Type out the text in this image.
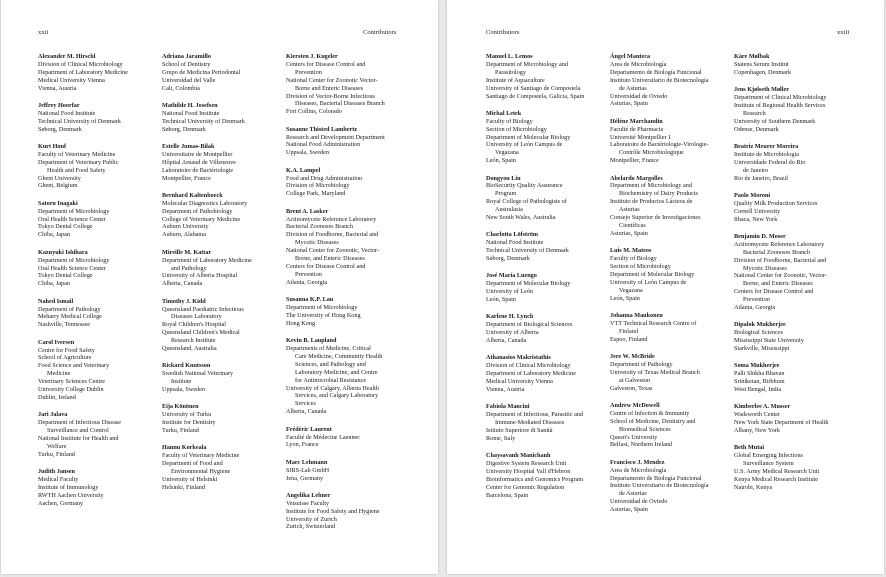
xxii	Contributors
Alexander M. Hirschl
Division of Clinical Microbiology
Department of Laboratory Medicine
Medical University Vienna
Vienna, Austria
Jeffrey Hoorfar
National Food Institute
Technical University of Denmark
Søborg, Denmark
Kurt Houf
Faculty of Veterinary Medicine
Department of Veterinary Public
Health and Food Safety
Ghent University
Ghent, Belgium
Satoru Inagaki
Department of Microbiology
Oral Health Science Center
Tokyo Dental College
Chiba, Japan
Kazuyuki Ishihara
Department of Microbiology
Oral Health Science Center
Tokyo Dental College
Chiba, Japan
Nahed Ismail
Department of Pathology
Meharry Medical College
Nashville, Tennessee
Carol Iversen
Centre for Food Safety
School of Agriculture
Food Science and Veterinary
Medicine
Veterinary Sciences Centre
University College Dublin
Dublin, Ireland
Jari Jalava
Department of Infectious Disease
Surveillance and Control
National Institute for Health and
Welfare
Turku, Finland
Judith Jansen
Medical Faculty
Institute of Immunology
RWTH Aachen University
Aachen, Germany
Adriana Jaramillo
School of Dentistry
Grupo de Medicina Periodontal
Universidad del Valle
Cali, Colombia
Mathilde H. Josefsen
National Food Institute
Technical University of Denmark
Søborg, Denmark
Estelle Jumas-Bilak
Universitaire de Montpellier
Hôpital Arnaud de Villeneuve
Laboratoire de Bactériologie
Montpellier, France
Bernhard Kaltenboeck
Molecular Diagnostics Laboratory
Department of Pathobiology
College of Veterinary Medicine
Auburn University
Auburn, Alabama
Mireille M. Kattar
Department of Laboratory Medicine
and Pathology
University of Alberta Hospital
Alberta, Canada
Timothy J. Kidd
Queensland Paediatric Infectious
Diseases Laboratory
Royal Children's Hospital
Queensland Children's Medical
Research Institute
Queensland, Australia
Rickard Knutsson
Swedish National Veterinary
Institute
Uppsala, Sweden
Eija Könönen
University of Turku
Institute for Dentistry
Turku, Finland
Hannu Korkeala
Faculty of Veterinary Medicine
Department of Food and
Environmental Hygiene
University of Helsinki
Helsinki, Finland
Kiersten J. Kugeler
Centers for Disease Control and
Prevention
National Center for Zoonotic Vector-
Borne and Enteric Diseases
Division of Vector-Borne Infectious
Diseases, Bacterial Diseases Branch
Fort Collins, Colorado
Susanne Thisted Lambertz
Research and Development Department
National Food Administration
Uppsala, Sweden
K.A. Lampel
Food and Drug Administration
Division of Microbiology
College Park, Maryland
Brent A. Lasker
Actinomycete Reference Laboratory
Bacterial Zoonoses Branch
Division of Foodborne, Bacterial and
Mycotic Diseases
National Center for Zoonotic, Vector-
Borne, and Enteric Diseases
Centers for Disease Control and
Prevention
Atlanta, Georgia
Susanna K.P. Lau
Department of Microbiology
The University of Hong Kong
Hong Kong
Kevin B. Laupland
Departments of Medicine, Critical
Care Medicine, Community Health
Sciences, and Pathology and
Laboratory Medicine, and Centre
for Antimicrobial Resistance
University of Calgary, Alberta Health
Services, and Calgary Laboratory
Services
Alberta, Canada
Frédéric Laurent
Faculté de Médecine Laennec
Lyon, France
Marc Lehmann
SIRS-Lab GmbH
Jena, Germany
Angelika Lehner
Vetsuisse Faculty
Institute for Food Safety and Hygiene
University of Zurich
Zurich, Switzerland
Contributors	xxiii
Manuel L. Lemos
Department of Microbiology and
Parasitology
Institute of Aquaculture
University of Santiago de Compostela
Santiago de Compostela, Galicia, Spain
Michal Letek
Faculty of Biology
Section of Microbiology
Department of Molecular Biology
University of León Campus de
Vegazana
León, Spain
Dongyou Liu
BioSecurity Quality Assurance
Program
Royal College of Pathologists of
Australasia
New South Wales, Australia
Charlotta Löfström
National Food Institute
Technical University of Denmark
Søborg, Denmark
José María Luengo
Department of Molecular Biology
University of León
León, Spain
Karlene H. Lynch
Department of Biological Sciences
University of Alberta
Alberta, Canada
Athanasios Makristathis
Division of Clinical Microbiology
Department of Laboratory Medicine
Medical University Vienna
Vienna, Austria
Fabiola Mancini
Department of Infectious, Parasitic and
Immune-Mediated Diseases
Istituto Superiore di Sanità
Rome, Italy
Chaysavanh Manichanh
Digestive System Research Unit
University Hospital Vall d'Hebron
Bioinformatics and Genomics Program
Center for Genomic Regulation
Barcelona, Spain
Ángel Manteca
Area de Microbiología
Departamento de Biología Funcional
Instituto Universitario de Biotecnología
de Asturias
Universidad de Oviedo
Asturias, Spain
Hélène Marchandin
Faculté de Pharmacie
Université Montpellier 1
Laboratoire de Bactériologie-Virologie-
Contrôle Microbiologique
Montpellier, France
Abelardo Margolles
Department of Microbiology and
Biochemistry of Dairy Products
Instituto de Productos Lácteos de
Asturias
Consejo Superior de Investigaciones
Científicas
Asturias, Spain
Luis M. Mateos
Faculty of Biology
Section of Microbiology
Department of Molecular Biology
University of León Campus de
Vegazana
León, Spain
Johanna Maukonen
VTT Technical Research Centre of
Finland
Espoo, Finland
Jere W. McBride
Department of Pathology
University of Texas Medical Branch
at Galveston
Galveston, Texas
Andrew McDowell
Centre of Infection & Immunity
School of Medicine, Dentistry and
Biomedical Sciences
Queen's University
Belfast, Northern Ireland
Francisco J. Mendez
Area de Microbiología
Departamento de Biología Funcional
Instituto Universitario de Biotecnología
de Asturias
Universidad de Oviedo
Asturias, Spain
Kåre Mølbak
Statens Serum Institut
Copenhagen, Denmark
Jens Kjølseth Møller
Department of Clinical Microbiology
Institute of Regional Health Services
Research
University of Southern Denmark
Odense, Denmark
Beatriz Meurer Moreira
Instituto de Microbiologia
Universidade Federal do Rio
de Janeiro
Rio de Janeiro, Brazil
Paolo Moroni
Quality Milk Production Services
Cornell University
Ithaca, New York
Benjamin D. Moser
Actinomycete Reference Laboratory
Bacterial Zoonoses Branch
Division of Foodborne, Bacterial and
Mycotic Diseases
National Center for Zoonotic, Vector-
Borne, and Enteric Diseases
Centers for Disease Control and
Prevention
Atlanta, Georgia
Dipalok Mukherjee
Biological Sciences
Mississippi State University
Starkville, Mississippi
Soma Mukherjee
Palli Shikha Bhavan
Sriniketan, Birbhum
West Bengal, India
Kimberlee A. Musser
Wadsworth Center
New York State Department of Health
Albany, New York
Beth Mutai
Global Emerging Infections
Surveillance System
U.S. Army Medical Research Unit
Kenya Medical Research Institute
Nairobi, Kenya
